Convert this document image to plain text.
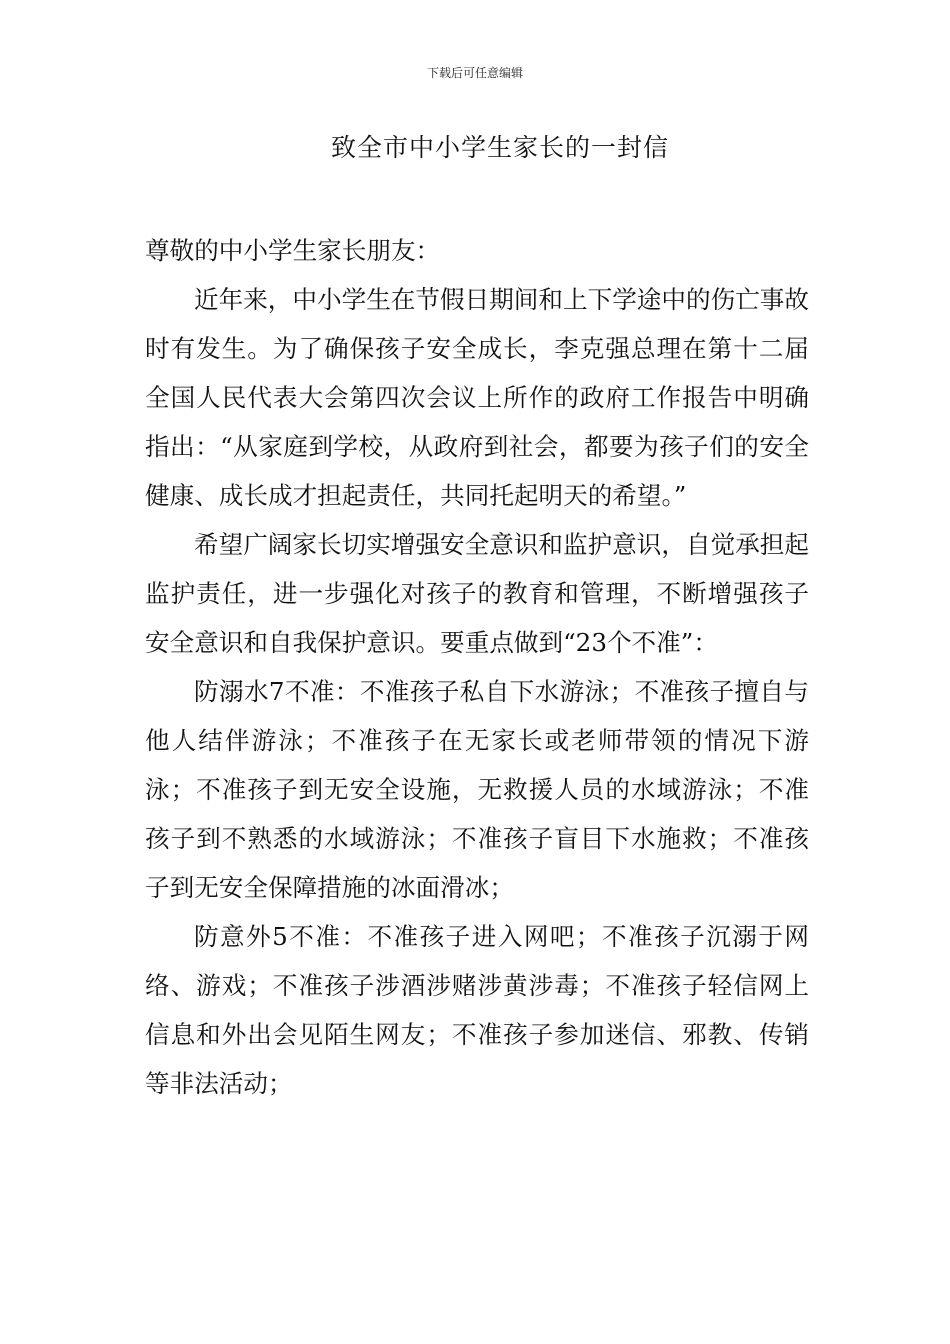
下载后可任意编辑
致全市中小学生家长的一封信

尊敬的中小学生家长朋友：

近年来，中小学生在节假日期间和上下学途中的伤亡事故时有发生。为了确保孩子安全成长，李克强总理在第十二届全国人民代表大会第四次会议上所作的政府工作报告中明确指出：“从家庭到学校，从政府到社会，都要为孩子们的安全健康、成长成才担起责任，共同托起明天的希望。”

希望广阔家长切实增强安全意识和监护意识，自觉承担起监护责任，进一步强化对孩子的教育和管理，不断增强孩子安全意识和自我保护意识。要重点做到“23个不准”：

防溺水7不准：不准孩子私自下水游泳；不准孩子擅自与他人结伴游泳；不准孩子在无家长或老师带领的情况下游泳；不准孩子到无安全设施，无救援人员的水域游泳；不准孩子到不熟悉的水域游泳；不准孩子盲目下水施救；不准孩子到无安全保障措施的冰面滑冰；

防意外5不准：不准孩子进入网吧；不准孩子沉溺于网络、游戏；不准孩子涉酒涉赌涉黄涉毒；不准孩子轻信网上信息和外出会见陌生网友；不准孩子参加迷信、邪教、传销等非法活动；
